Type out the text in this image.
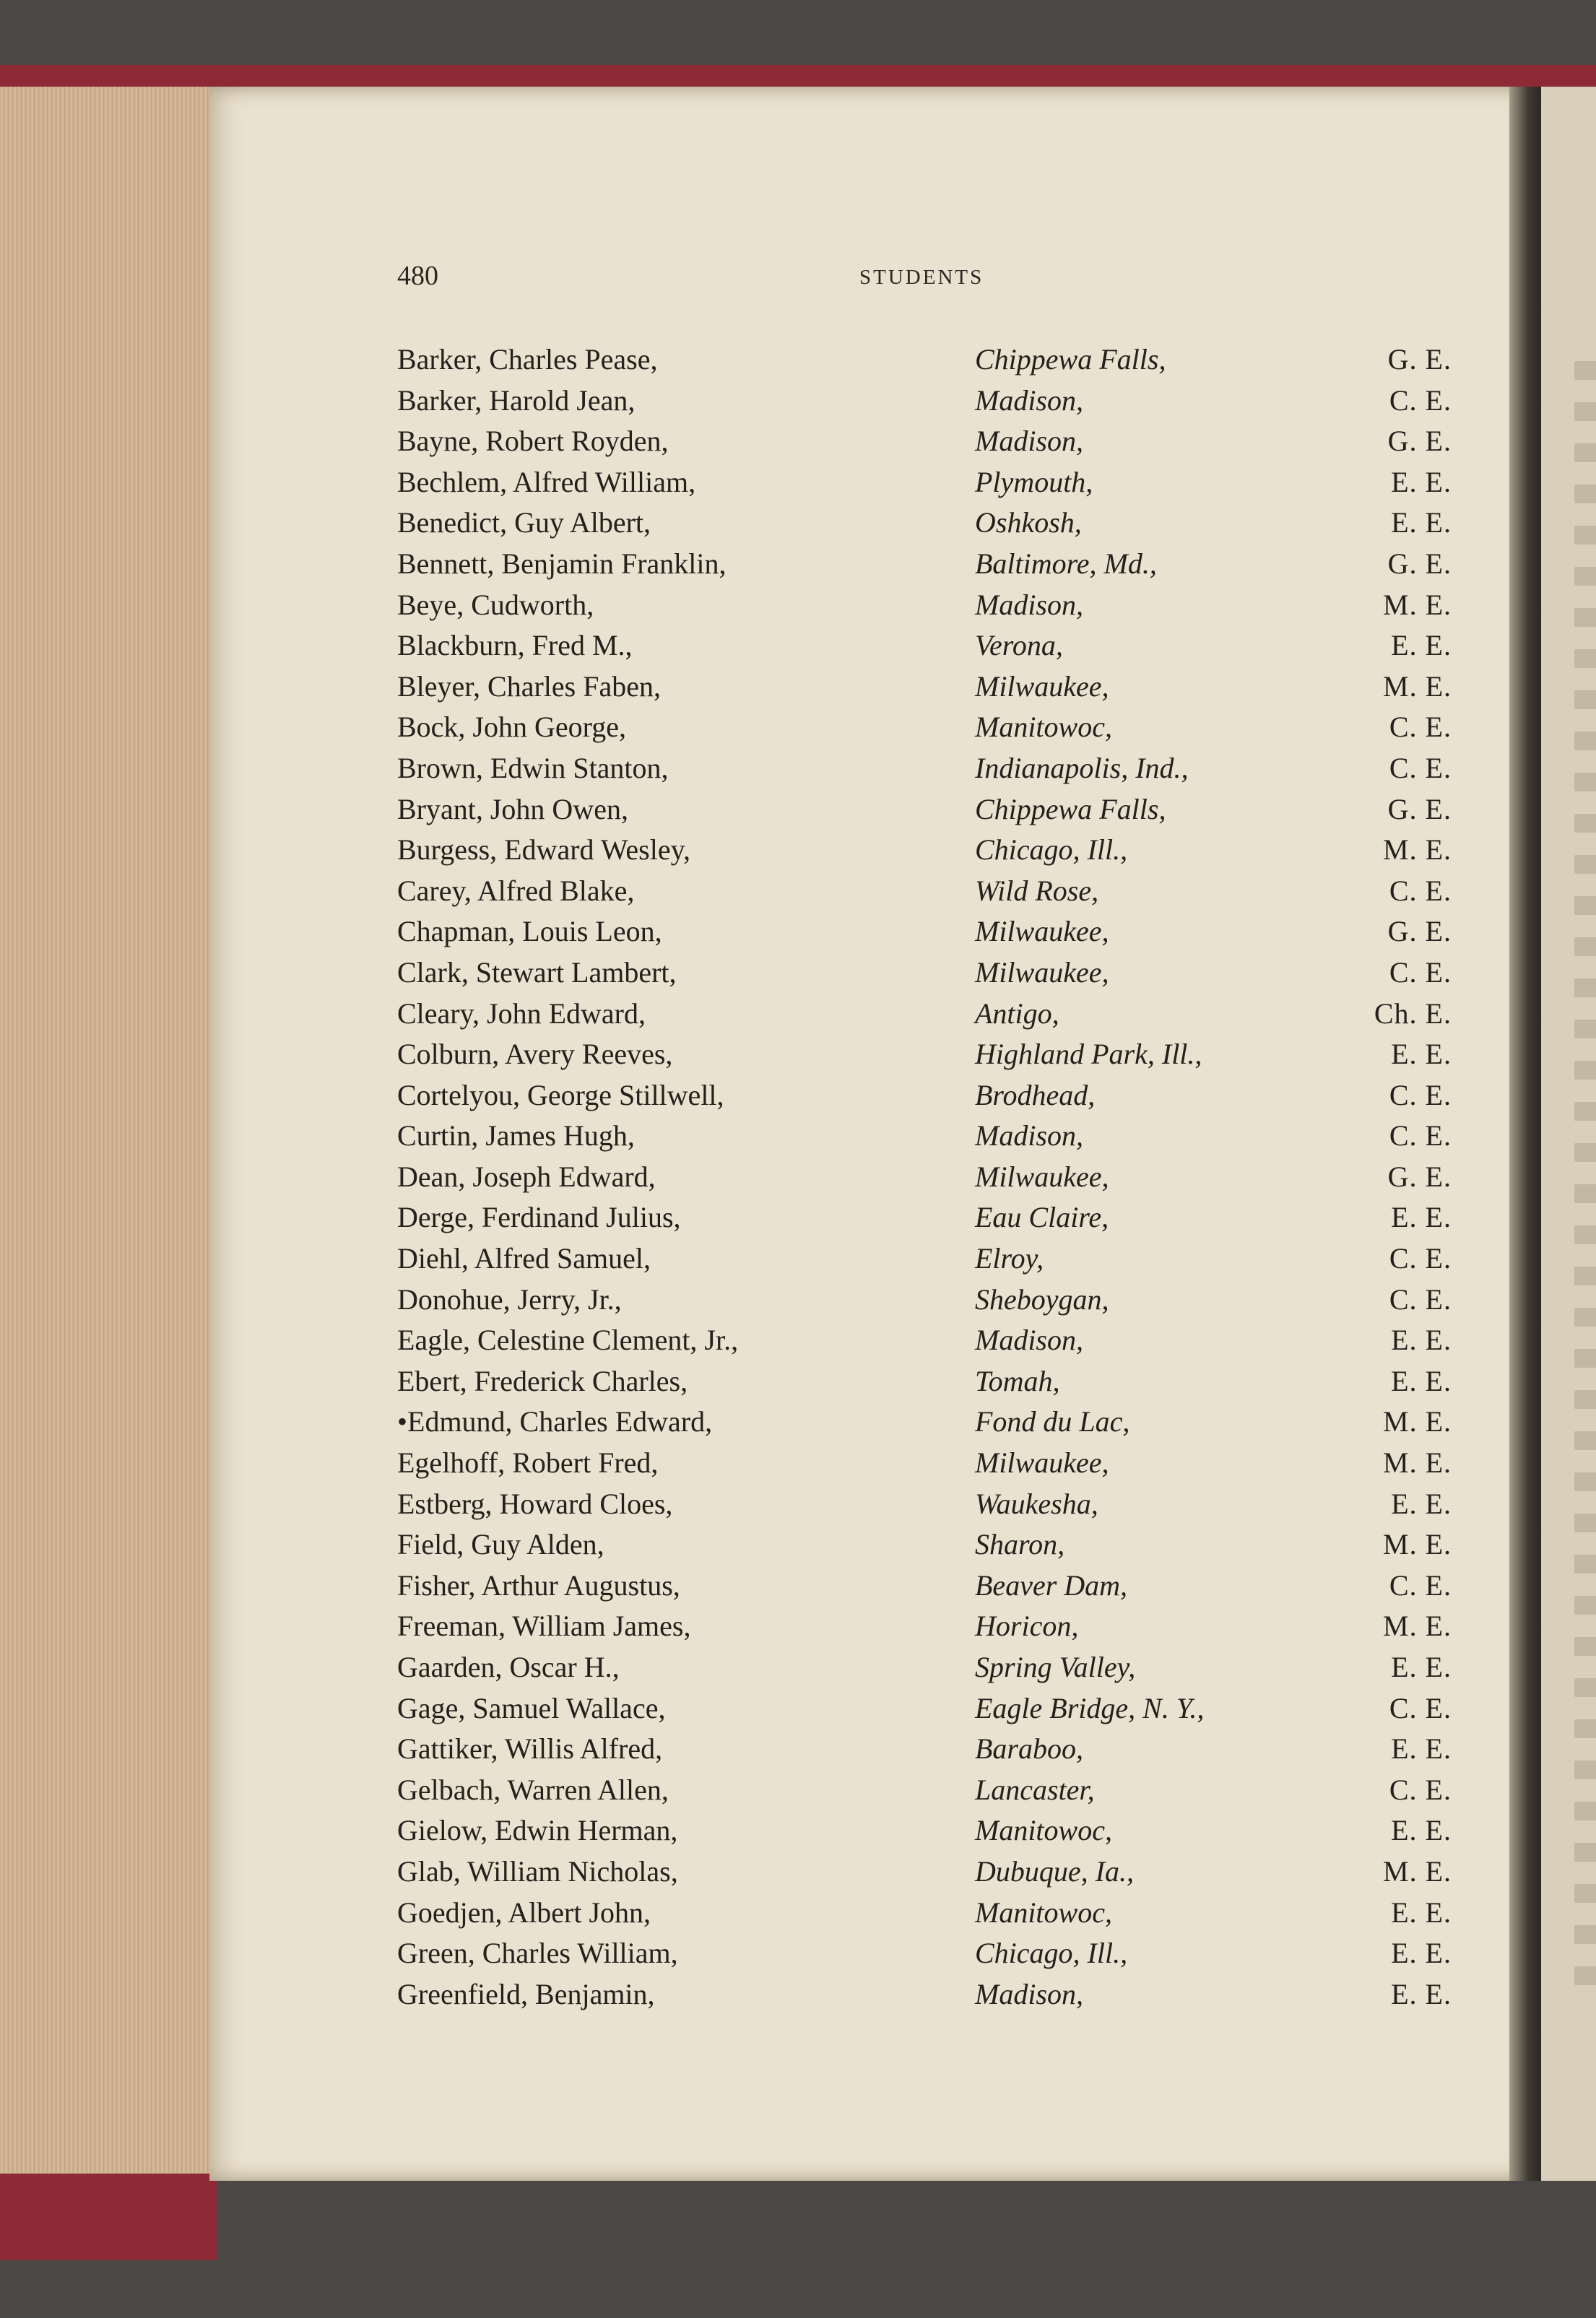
480	STUDENTS
Barker, Charles Pease,	Chippewa Falls,	G. E.
Barker, Harold Jean,	Madison,	C. E.
Bayne, Robert Royden,	Madison,	G. E.
Bechlem, Alfred William,	Plymouth,	E. E.
Benedict, Guy Albert,	Oshkosh,	E. E.
Bennett, Benjamin Franklin,	Baltimore, Md.,	G. E.
Beye, Cudworth,	Madison,	M. E.
Blackburn, Fred M.,	Verona,	E. E.
Bleyer, Charles Faben,	Milwaukee,	M. E.
Bock, John George,	Manitowoc,	C. E.
Brown, Edwin Stanton,	Indianapolis, Ind.,	C. E.
Bryant, John Owen,	Chippewa Falls,	G. E.
Burgess, Edward Wesley,	Chicago, Ill.,	M. E.
Carey, Alfred Blake,	Wild Rose,	C. E.
Chapman, Louis Leon,	Milwaukee,	G. E.
Clark, Stewart Lambert,	Milwaukee,	C. E.
Cleary, John Edward,	Antigo,	Ch. E.
Colburn, Avery Reeves,	Highland Park, Ill.,	E. E.
Cortelyou, George Stillwell,	Brodhead,	C. E.
Curtin, James Hugh,	Madison,	C. E.
Dean, Joseph Edward,	Milwaukee,	G. E.
Derge, Ferdinand Julius,	Eau Claire,	E. E.
Diehl, Alfred Samuel,	Elroy,	C. E.
Donohue, Jerry, Jr.,	Sheboygan,	C. E.
Eagle, Celestine Clement, Jr.,	Madison,	E. E.
Ebert, Frederick Charles,	Tomah,	E. E.
•Edmund, Charles Edward,	Fond du Lac,	M. E.
Egelhoff, Robert Fred,	Milwaukee,	M. E.
Estberg, Howard Cloes,	Waukesha,	E. E.
Field, Guy Alden,	Sharon,	M. E.
Fisher, Arthur Augustus,	Beaver Dam,	C. E.
Freeman, William James,	Horicon,	M. E.
Gaarden, Oscar H.,	Spring Valley,	E. E.
Gage, Samuel Wallace,	Eagle Bridge, N. Y.,	C. E.
Gattiker, Willis Alfred,	Baraboo,	E. E.
Gelbach, Warren Allen,	Lancaster,	C. E.
Gielow, Edwin Herman,	Manitowoc,	E. E.
Glab, William Nicholas,	Dubuque, Ia.,	M. E.
Goedjen, Albert John,	Manitowoc,	E. E.
Green, Charles William,	Chicago, Ill.,	E. E.
Greenfield, Benjamin,	Madison,	E. E.
